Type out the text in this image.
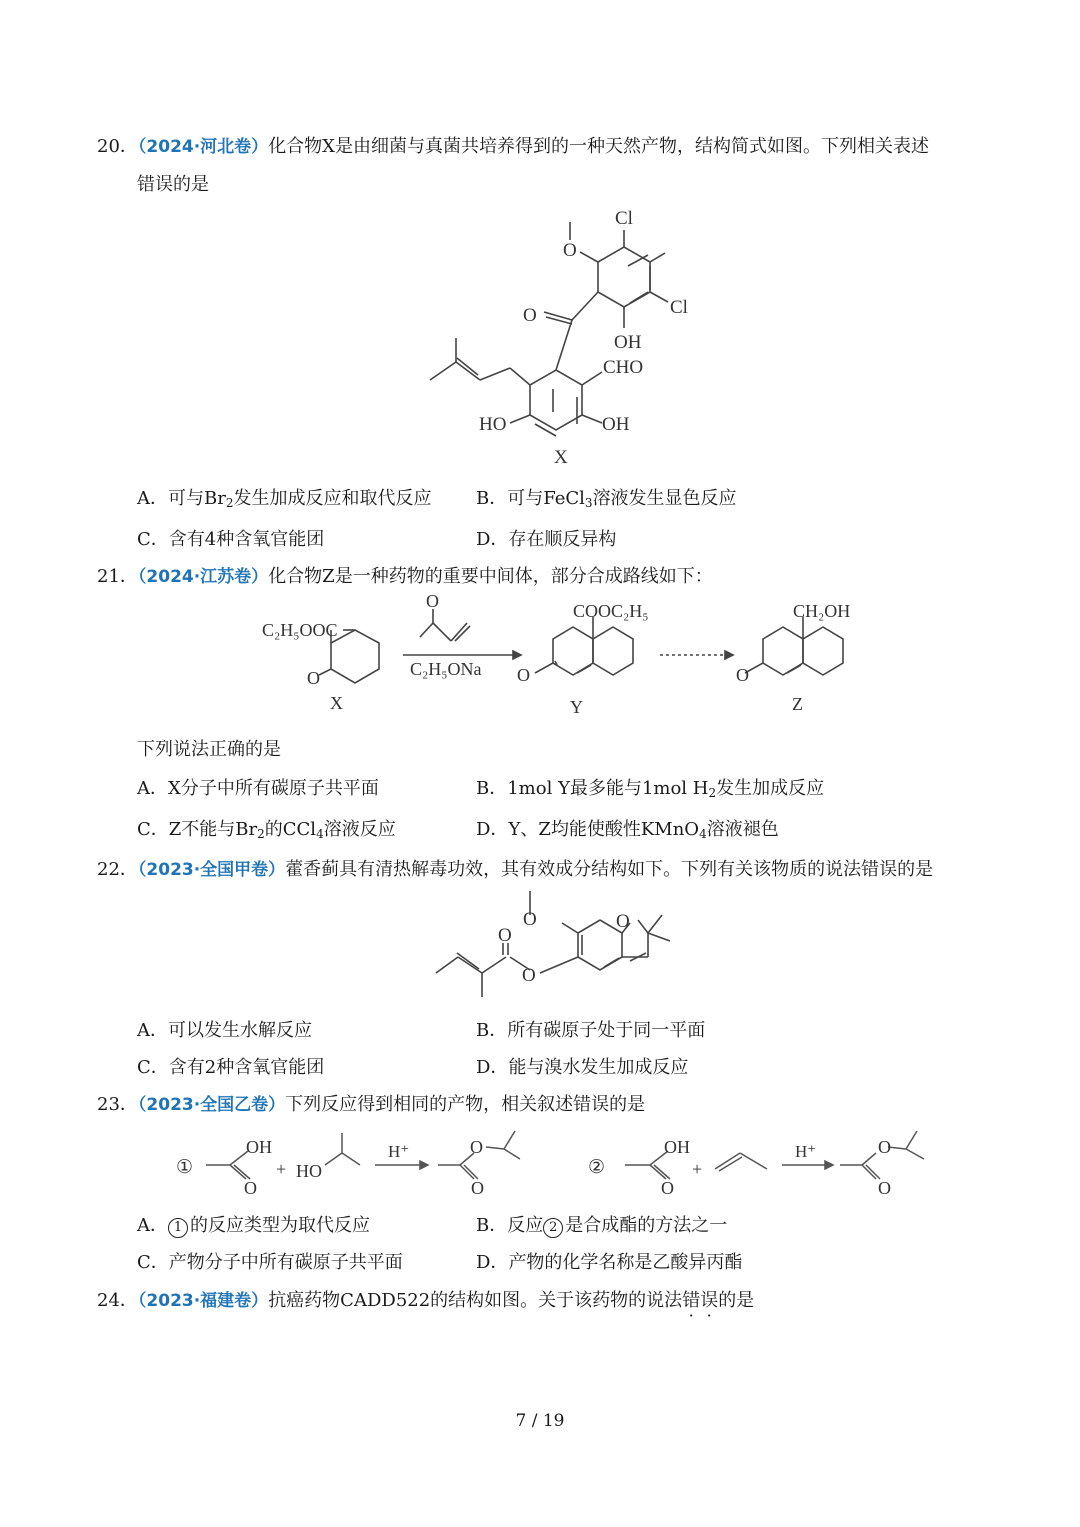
20．（2024·河北卷）化合物X是由细菌与真菌共培养得到的一种天然产物，结构简式如图。下列相关表述
错误的是
Cl
Cl
O
O
OH
CHO
HO	OH
X
A．可与$Br_2$发生加成反应和取代反应 B．可与FeCl$_3$溶液发生显色反应
C．含有4种含氧官能团	D．存在顺反异构
21．（2024·江苏卷）化合物Z是一种药物的重要中间体，部分合成路线如下：
C₂H₅OOC
O
X
O
C₂H₅ONa
COOC₂H₅
O
Y
CH₂OH
O
Z
下列说法正确的是
A．X分子中所有碳原子共平面	B．1mol Y最多能与1mol $H_2$发生加成反应
C．Z不能与$Br_2$的CCl$_4$溶液反应	D．Y、Z均能使酸性KMnO$_4$溶液褪色
22．（2023·全国甲卷）藿香蓟具有清热解毒功效，其有效成分结构如下。下列有关该物质的说法错误的是
O	O
O
O
A．可以发生水解反应	B．所有碳原子处于同一平面
C．含有2种含氧官能团	D．能与溴水发生加成反应
23．（2023·全国乙卷）下列反应得到相同的产物，相关叙述错误的是
①
OH
O
+ HO
H⁺	O
O
②
OH
O
+
H⁺	O
O
A． 1 的反应类型为取代反应	B．反应 2 是合成酯的方法之一
C．产物分子中所有碳原子共平面	D．产物的化学名称是乙酸异丙酯
24．（2023·福建卷）抗癌药物CADD522的结构如图。关于该药物的说法错误的是
7 / 19
